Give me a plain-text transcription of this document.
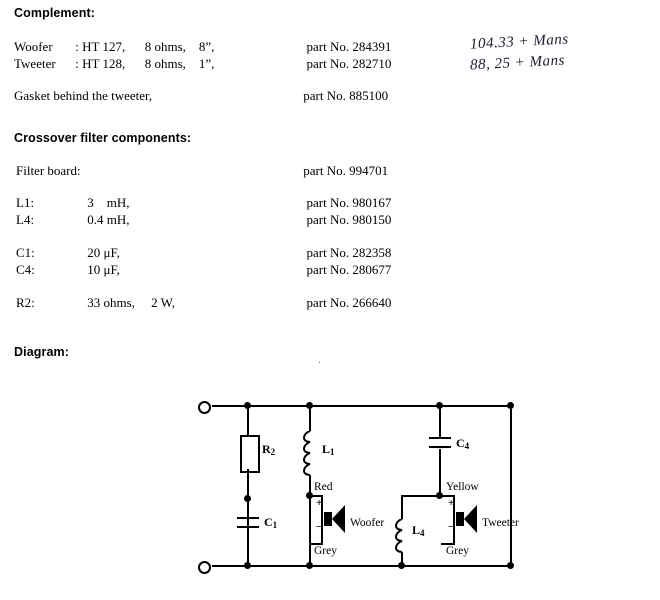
Complement:
Woofer : HT 127,      8 ohms,    8”,	part No. 284391
Tweeter : HT 128,      8 ohms,    1”,	part No. 282710
Gasket behind the tweeter,	part No. 885100
104.33 + Mans
88, 25 + Mans
Crossover filter components:
Filter board:	part No. 994701
L1:	3    mH,	part No. 980167
L4:	0.4 mH,	part No. 980150
C1:	20 μF,	part No. 282358
C4:	10 μF,	part No. 280677
R2:	33 ohms,     2 W,	part No. 266640
Diagram:
·
$R_2$
$C_1$
$L_1$
Red
Grey
+
− Woofer
$C_4$
$L_4$
Yellow
Grey
+
− Tweeter
